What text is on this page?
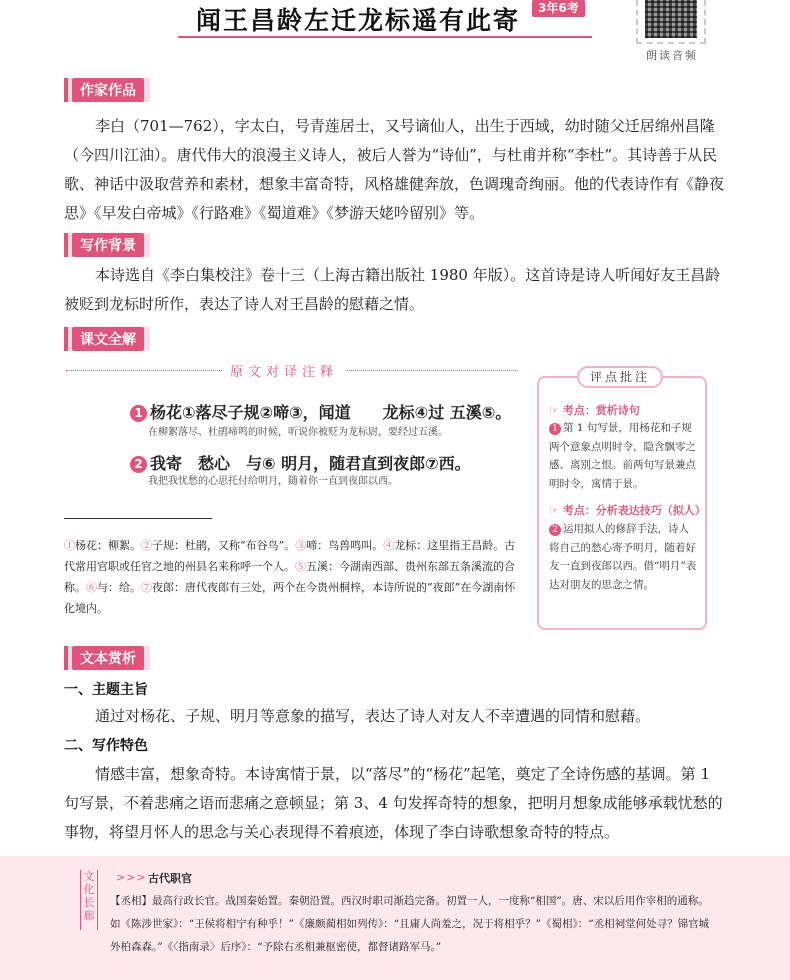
闻王昌龄左迁龙标遥有此寄	3年6考
朗读音频
作家作品
李白（701—762），字太白，号青莲居士，又号谪仙人，出生于西域，幼时随父迁居绵州昌隆（今四川江油）。唐代伟大的浪漫主义诗人，被后人誉为“诗仙”，与杜甫并称“李杜”。其诗善于从民歌、神话中汲取营养和素材，想象丰富奇特，风格雄健奔放，色调瑰奇绚丽。他的代表诗作有《静夜思》《早发白帝城》《行路难》《蜀道难》《梦游天姥吟留别》等。
写作背景
本诗选自《李白集校注》卷十三（上海古籍出版社 1980 年版）。这首诗是诗人听闻好友王昌龄被贬到龙标时所作，表达了诗人对王昌龄的慰藉之情。
课文全解
原文对译注释
1 杨花①落尽子规②啼③，闻道　　龙标④过 五溪⑤。
在柳絮落尽、杜鹃啼鸣的时候，听说你被贬为龙标尉，要经过五溪。
2 我寄　愁心　与⑥ 明月，随君直到夜郎⑦西。
我把我忧愁的心思托付给明月，随着你一直到夜郎以西。
①杨花：柳絮。②子规：杜鹃，又称“布谷鸟”。③啼：鸟兽鸣叫。④龙标：这里指王昌龄。古代常用官职或任官之地的州县名来称呼一个人。⑤五溪：今湖南西部、贵州东部五条溪流的合称。⑥与：给。⑦夜郎：唐代夜郎有三处，两个在今贵州桐梓，本诗所说的“夜郎”在今湖南怀化境内。
评点批注
☞ 考点：赏析诗句
1 第 1 句写景，用杨花和子规两个意象点明时令，隐含飘零之感、离别之恨。前两句写景兼点明时令，寓情于景。
☞ 考点：分析表达技巧（拟人）
2 运用拟人的修辞手法，诗人将自己的愁心寄予明月，随着好友一直到夜郎以西。借“明月”表达对朋友的思念之情。
文本赏析
一、主题主旨
通过对杨花、子规、明月等意象的描写，表达了诗人对友人不幸遭遇的同情和慰藉。
二、写作特色
情感丰富，想象奇特。本诗寓情于景，以“落尽”的“杨花”起笔，奠定了全诗伤感的基调。第 1 句写景，不着悲痛之语而悲痛之意顿显；第 3、4 句发挥奇特的想象，把明月想象成能够承载忧愁的事物，将望月怀人的思念与关心表现得不着痕迹，体现了李白诗歌想象奇特的特点。
文化长廊
>>> 古代职官
【丞相】最高行政长官。战国秦始置。秦朝沿置。西汉时职司渐趋完备。初置一人，一度称“相国”。唐、宋以后用作宰相的通称。如《陈涉世家》：“王侯将相宁有种乎！”《廉颇蔺相如列传》：“且庸人尚羞之，况于将相乎？”《蜀相》：“丞相祠堂何处寻？锦官城外柏森森。”《〈指南录〉后序》：“予除右丞相兼枢密使，都督诸路军马。”
